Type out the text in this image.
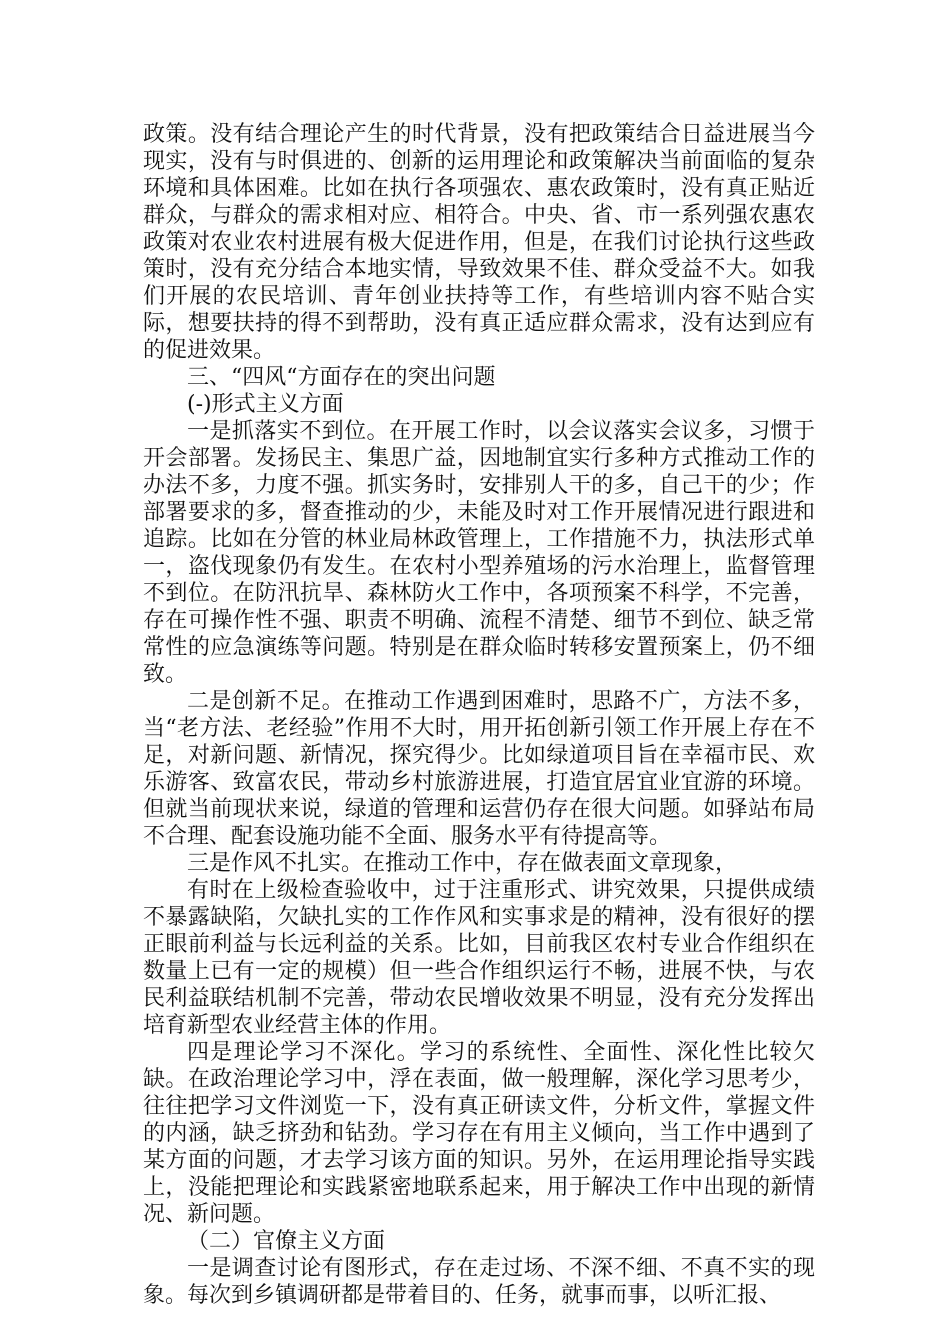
政策。没有结合理论产生的时代背景，没有把政策结合日益进展当今现实，没有与时俱进的、创新的运用理论和政策解决当前面临的复杂环境和具体困难。比如在执行各项强农、惠农政策时，没有真正贴近群众，与群众的需求相对应、相符合。中央、省、市一系列强农惠农政策对农业农村进展有极大促进作用，但是，在我们讨论执行这些政策时，没有充分结合本地实情，导致效果不佳、群众受益不大。如我们开展的农民培训、青年创业扶持等工作，有些培训内容不贴合实际，想要扶持的得不到帮助，没有真正适应群众需求，没有达到应有的促进效果。

三、“四风“方面存在的突出问题

(-)形式主义方面

一是抓落实不到位。在开展工作时，以会议落实会议多，习惯于开会部署。发扬民主、集思广益，因地制宜实行多种方式推动工作的办法不多，力度不强。抓实务时，安排别人干的多，自己干的少；作部署要求的多，督查推动的少，未能及时对工作开展情况进行跟进和追踪。比如在分管的林业局林政管理上，工作措施不力，执法形式单一，盗伐现象仍有发生。在农村小型养殖场的污水治理上，监督管理不到位。在防汛抗旱、森林防火工作中，各项预案不科学，不完善，存在可操作性不强、职责不明确、流程不清楚、细节不到位、缺乏常常性的应急演练等问题。特别是在群众临时转移安置预案上，仍不细致。

二是创新不足。在推动工作遇到困难时，思路不广，方法不多，当“老方法、老经验”作用不大时，用开拓创新引领工作开展上存在不足，对新问题、新情况，探究得少。比如绿道项目旨在幸福市民、欢乐游客、致富农民，带动乡村旅游进展，打造宜居宜业宜游的环境。但就当前现状来说，绿道的管理和运营仍存在很大问题。如驿站布局不合理、配套设施功能不全面、服务水平有待提高等。

三是作风不扎实。在推动工作中，存在做表面文章现象，

有时在上级检查验收中，过于注重形式、讲究效果，只提供成绩不暴露缺陷，欠缺扎实的工作作风和实事求是的精神，没有很好的摆正眼前利益与长远利益的关系。比如，目前我区农村专业合作组织在数量上已有一定的规模）但一些合作组织运行不畅，进展不快，与农民利益联结机制不完善，带动农民增收效果不明显，没有充分发挥出培育新型农业经营主体的作用。

四是理论学习不深化。学习的系统性、全面性、深化性比较欠缺。在政治理论学习中，浮在表面，做一般理解，深化学习思考少，往往把学习文件浏览一下，没有真正研读文件，分析文件，掌握文件的内涵，缺乏挤劲和钻劲。学习存在有用主义倾向，当工作中遇到了某方面的问题，才去学习该方面的知识。另外，在运用理论指导实践上，没能把理论和实践紧密地联系起来，用于解决工作中出现的新情况、新问题。

（二）官僚主义方面

一是调查讨论有图形式，存在走过场、不深不细、不真不实的现象。每次到乡镇调研都是带着目的、任务，就事而事，以听汇报、
